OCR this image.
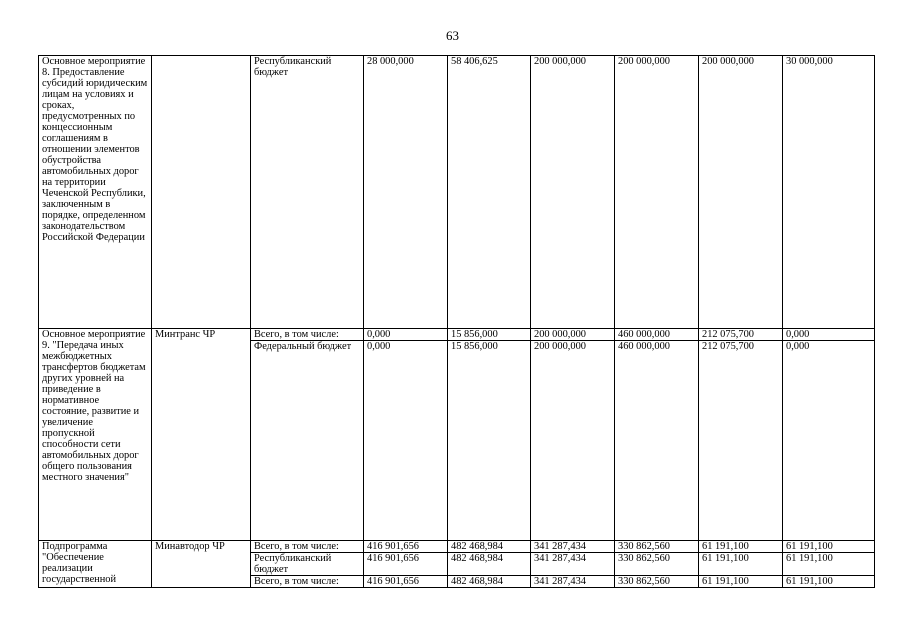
63
Основное мероприятие 8. Предоставление субсидий юридическим лицам на условиях и сроках, предусмотренных по концессионным соглашениям в отношении элементов обустройства автомобильных дорог на территории Чеченской Республики, заключенным в порядке, определенном законодательством Российской Федерации		Республиканский бюджет	28 000,000	58 406,625	200 000,000	200 000,000	200 000,000	30 000,000
Основное мероприятие 9. "Передача иных межбюджетных трансфертов бюджетам других уровней на приведение в нормативное состояние, развитие и увеличение пропускной способности сети автомобильных дорог общего пользования местного значения"	Минтранс ЧР	Всего, в том числе:	0,000	15 856,000	200 000,000	460 000,000	212 075,700	0,000
		Федеральный бюджет	0,000	15 856,000	200 000,000	460 000,000	212 075,700	0,000
Подпрограмма "Обеспечение реализации государственной	Минавтодор ЧР	Всего, в том числе:	416 901,656	482 468,984	341 287,434	330 862,560	61 191,100	61 191,100
		Республиканский бюджет	416 901,656	482 468,984	341 287,434	330 862,560	61 191,100	61 191,100
		Всего, в том числе:	416 901,656	482 468,984	341 287,434	330 862,560	61 191,100	61 191,100
